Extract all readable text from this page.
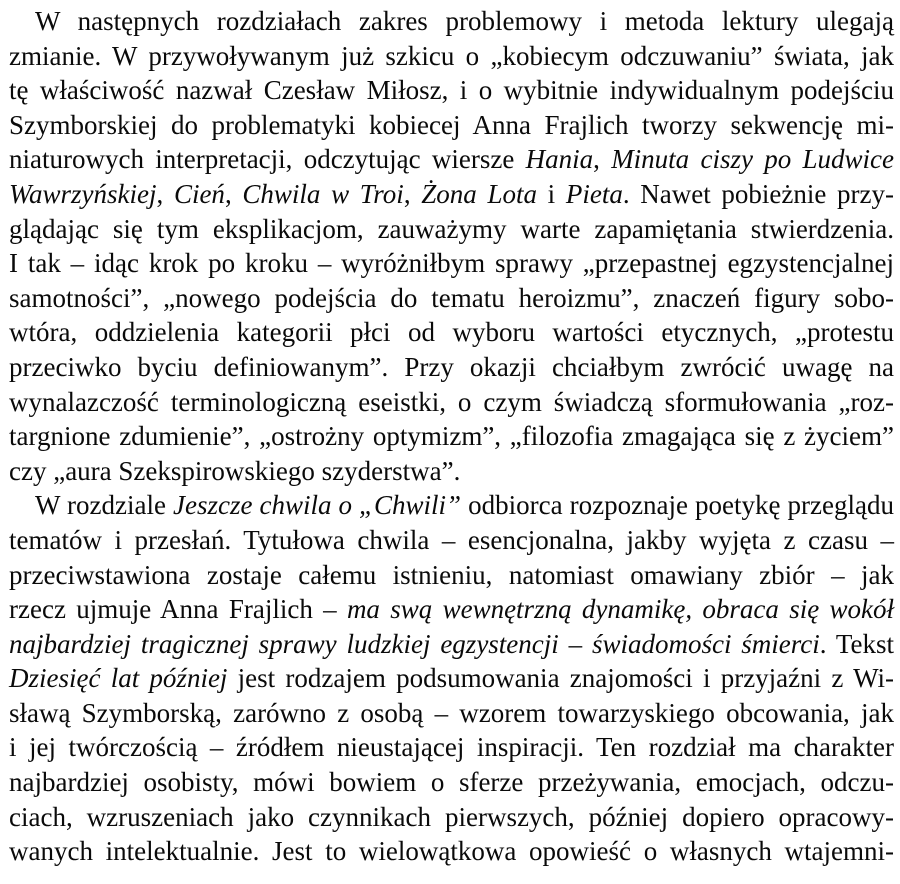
W następnych rozdziałach zakres problemowy i metoda lektury ulegają
zmianie. W przywoływanym już szkicu o „kobiecym odczuwaniu” świata, jak
tę właściwość nazwał Czesław Miłosz, i o wybitnie indywidualnym podejściu
Szymborskiej do problematyki kobiecej Anna Frajlich tworzy sekwencję mi-
niaturowych interpretacji, odczytując wiersze Hania, Minuta ciszy po Ludwice
Wawrzyńskiej, Cień, Chwila w Troi, Żona Lota i Pieta. Nawet pobieżnie przy-
glądając się tym eksplikacjom, zauważymy warte zapamiętania stwierdzenia.
I tak – idąc krok po kroku – wyróżniłbym sprawy „przepastnej egzystencjalnej
samotności”, „nowego podejścia do tematu heroizmu”, znaczeń figury sobo-
wtóra, oddzielenia kategorii płci od wyboru wartości etycznych, „protestu
przeciwko byciu definiowanym”. Przy okazji chciałbym zwrócić uwagę na
wynalazczość terminologiczną eseistki, o czym świadczą sformułowania „roz-
targnione zdumienie”, „ostrożny optymizm”, „filozofia zmagająca się z życiem”
czy „aura Szekspirowskiego szyderstwa”.
W rozdziale Jeszcze chwila o „Chwili” odbiorca rozpoznaje poetykę przeglądu
tematów i przesłań. Tytułowa chwila – esencjonalna, jakby wyjęta z czasu –
przeciwstawiona zostaje całemu istnieniu, natomiast omawiany zbiór – jak
rzecz ujmuje Anna Frajlich – ma swą wewnętrzną dynamikę, obraca się wokół
najbardziej tragicznej sprawy ludzkiej egzystencji – świadomości śmierci. Tekst
Dziesięć lat później jest rodzajem podsumowania znajomości i przyjaźni z Wi-
sławą Szymborską, zarówno z osobą – wzorem towarzyskiego obcowania, jak
i jej twórczością – źródłem nieustającej inspiracji. Ten rozdział ma charakter
najbardziej osobisty, mówi bowiem o sferze przeżywania, emocjach, odczu-
ciach, wzruszeniach jako czynnikach pierwszych, później dopiero opracowy-
wanych intelektualnie. Jest to wielowątkowa opowieść o własnych wtajemni-
